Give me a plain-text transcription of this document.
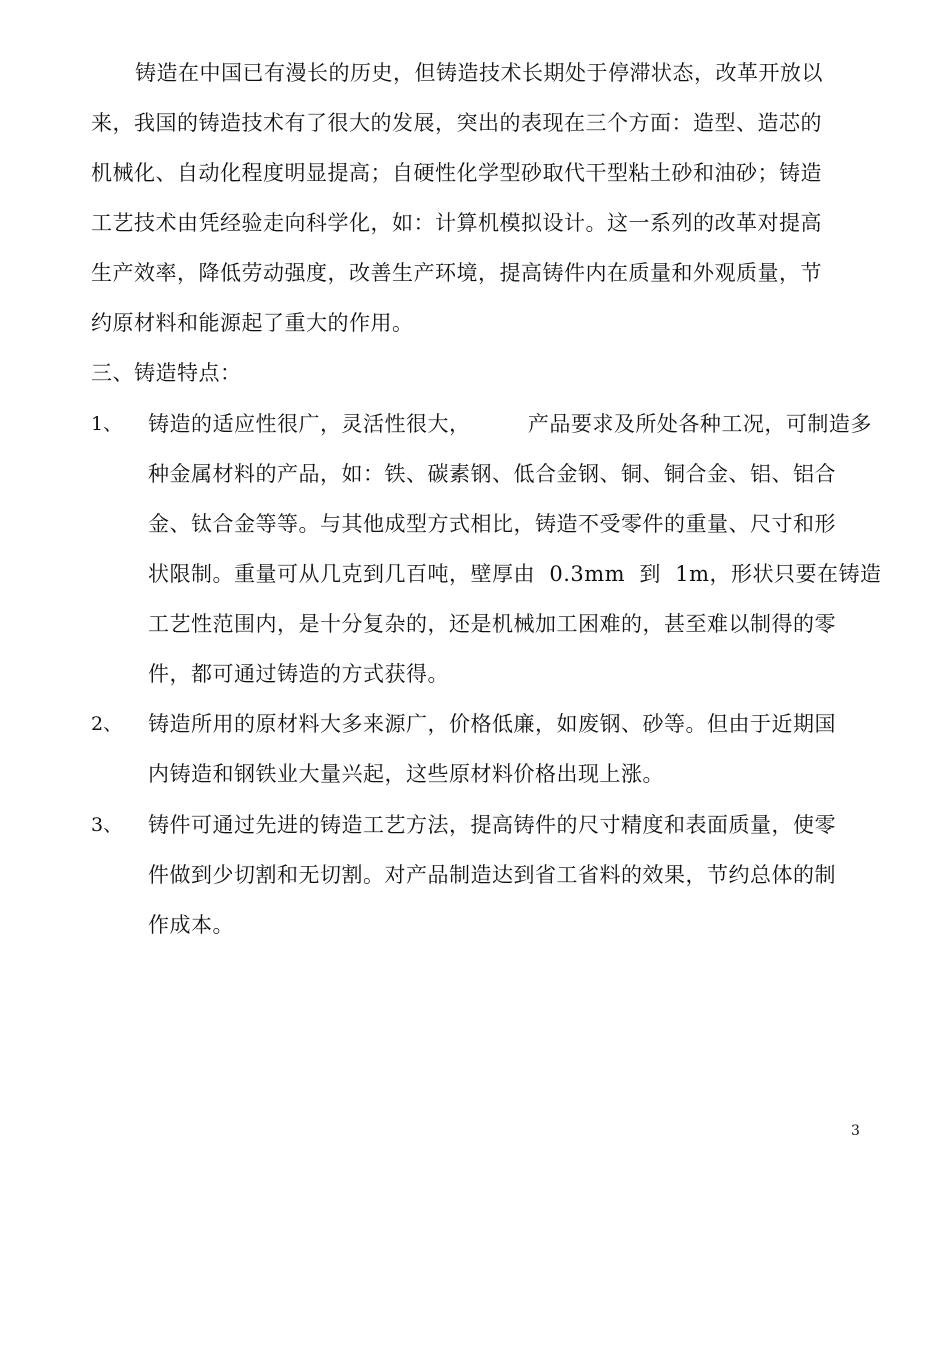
铸造在中国已有漫长的历史，但铸造技术长期处于停滞状态，改革开放以
来，我国的铸造技术有了很大的发展，突出的表现在三个方面：造型、造芯的
机械化、自动化程度明显提高；自硬性化学型砂取代干型粘土砂和油砂；铸造
工艺技术由凭经验走向科学化，如：计算机模拟设计。这一系列的改革对提高
生产效率，降低劳动强度，改善生产环境，提高铸件内在质量和外观质量，节
约原材料和能源起了重大的作用。
三、铸造特点：
1、 铸造的适应性很广，灵活性很大，        产品要求及所处各种工况，可制造多
种金属材料的产品，如：铁、碳素钢、低合金钢、铜、铜合金、铝、铝合
金、钛合金等等。与其他成型方式相比，铸造不受零件的重量、尺寸和形
状限制。重量可从几克到几百吨，壁厚由  0.3mm  到  1m，形状只要在铸造
工艺性范围内，是十分复杂的，还是机械加工困难的，甚至难以制得的零
件，都可通过铸造的方式获得。
2、 铸造所用的原材料大多来源广，价格低廉，如废钢、砂等。但由于近期国
内铸造和钢铁业大量兴起，这些原材料价格出现上涨。
3、 铸件可通过先进的铸造工艺方法，提高铸件的尺寸精度和表面质量，使零
件做到少切割和无切割。对产品制造达到省工省料的效果，节约总体的制
作成本。
3
